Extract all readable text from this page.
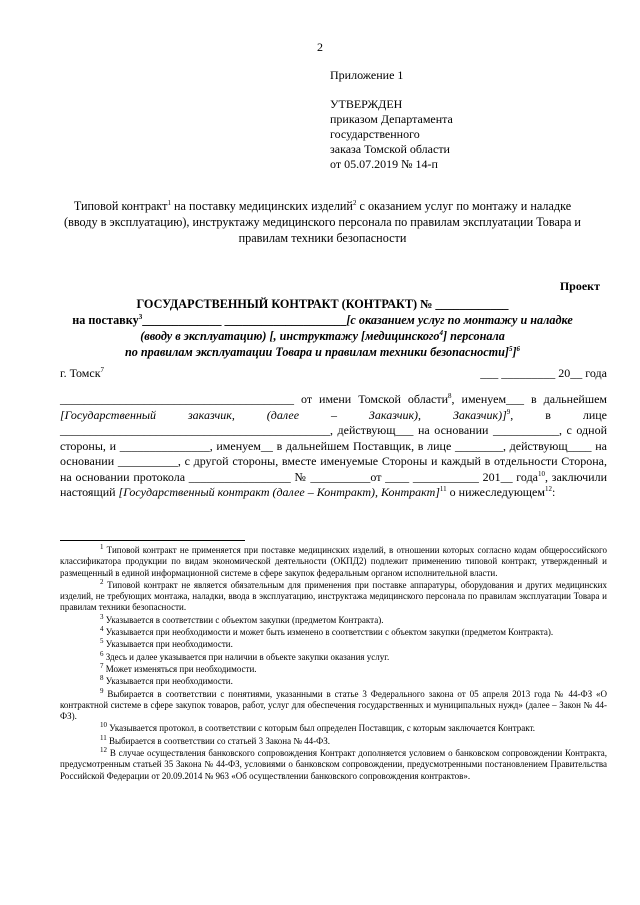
2
Приложение 1
УТВЕРЖДЕН
приказом Департамента
государственного
заказа Томской области
от 05.07.2019 № 14-п
Типовой контракт$^1$ на поставку медицинских изделий$^2$ с оказанием услуг по монтажу и наладке (вводу в эксплуатацию), инструктажу медицинского персонала по правилам эксплуатации Товара и правилам техники безопасности
Проект
ГОСУДАРСТВЕННЫЙ КОНТРАКТ (КОНТРАКТ) № ____________
на поставку$^3$_____________ ____________________[с оказанием услуг по монтажу и наладке
(вводу в эксплуатацию) [, инструктажу [медицинского$^4$] персонала
по правилам эксплуатации Товара и правилам техники безопасности]$^5$]$^6$
г. Томск$^7$	___ _________ 20__ года
_______________________________________ от имени Томской области$^8$, именуем___ в дальнейшем [Государственный заказчик, (далее – Заказчик), Заказчик)]$^9$, в лице _____________________________________________, действующ___ на основании ___________, с одной стороны, и _______________, именуем__ в дальнейшем Поставщик, в лице ________, действующ____ на основании __________, с другой стороны, вместе именуемые Стороны и каждый в отдельности Сторона, на основании протокола _________________ № __________от ____ ___________ 201__ года$^{10}$, заключили настоящий [Государственный контракт (далее – Контракт), Контракт]$^{11}$ о нижеследующем$^{12}$:

$^1$ Типовой контракт не применяется при поставке медицинских изделий, в отношении которых согласно кодам общероссийского классификатора продукции по видам экономической деятельности (ОКПД2) подлежит применению типовой контракт, утвержденный и размещенный в единой информационной системе в сфере закупок федеральным органом исполнительной власти.

$^2$ Типовой контракт не является обязательным для применения при поставке аппаратуры, оборудования и других медицинских изделий, не требующих монтажа, наладки, ввода в эксплуатацию, инструктажа медицинского персонала по правилам эксплуатации Товара и правилам техники безопасности.

$^3$ Указывается в соответствии с объектом закупки (предметом Контракта).

$^4$ Указывается при необходимости и может быть изменено в соответствии с объектом закупки (предметом Контракта).

$^5$ Указывается при необходимости.

$^6$ Здесь и далее указывается при наличии в объекте закупки оказания услуг.

$^7$ Может изменяться при необходимости.

$^8$ Указывается при необходимости.

$^9$ Выбирается в соответствии с понятиями, указанными в статье 3 Федерального закона от 05 апреля 2013 года № 44-ФЗ «О контрактной системе в сфере закупок товаров, работ, услуг для обеспечения государственных и муниципальных нужд» (далее – Закон № 44-ФЗ).

$^{10}$ Указывается протокол, в соответствии с которым был определен Поставщик, с которым заключается Контракт.

$^{11}$ Выбирается в соответствии со статьей 3 Закона № 44-ФЗ.

$^{12}$ В случае осуществления банковского сопровождения Контракт дополняется условием о банковском сопровождении Контракта, предусмотренным статьей 35 Закона № 44-ФЗ, условиями о банковском сопровождении, предусмотренными постановлением Правительства Российской Федерации от 20.09.2014 № 963 «Об осуществлении банковского сопровождения контрактов».
